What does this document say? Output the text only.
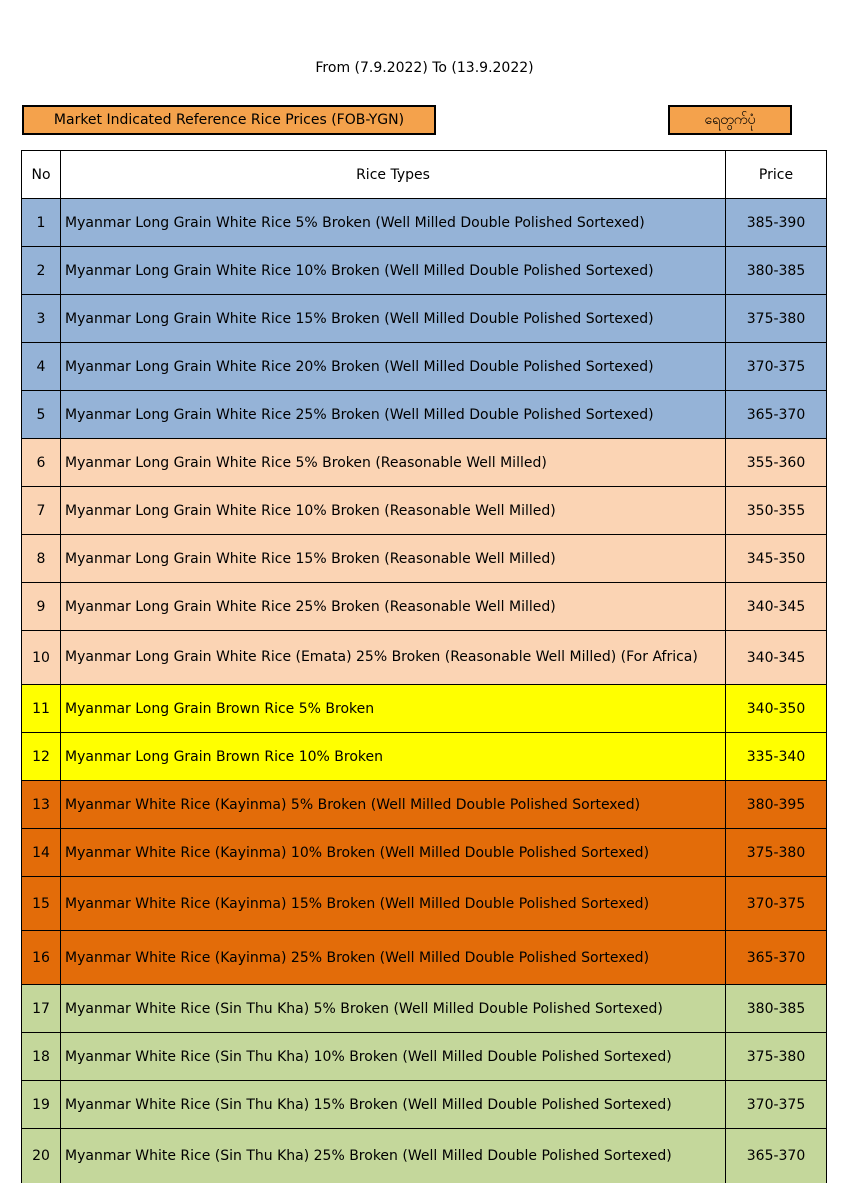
From (7.9.2022) To (13.9.2022)
Market Indicated Reference Rice Prices (FOB-YGN)	ရေတွက်ပုံ
No	Rice Types	Price
1	Myanmar Long Grain White Rice 5% Broken (Well Milled Double Polished Sortexed)	385-390
2	Myanmar Long Grain White Rice 10% Broken (Well Milled Double Polished Sortexed)	380-385
3	Myanmar Long Grain White Rice 15% Broken (Well Milled Double Polished Sortexed)	375-380
4	Myanmar Long Grain White Rice 20% Broken (Well Milled Double Polished Sortexed)	370-375
5	Myanmar Long Grain White Rice 25% Broken (Well Milled Double Polished Sortexed)	365-370
6	Myanmar Long Grain White Rice 5% Broken (Reasonable Well Milled)	355-360
7	Myanmar Long Grain White Rice 10% Broken (Reasonable Well Milled)	350-355
8	Myanmar Long Grain White Rice 15% Broken (Reasonable Well Milled)	345-350
9	Myanmar Long Grain White Rice 25% Broken (Reasonable Well Milled)	340-345
10	Myanmar Long Grain White Rice (Emata) 25% Broken (Reasonable Well Milled) (For Africa)	340-345
11	Myanmar Long Grain Brown Rice 5% Broken	340-350
12	Myanmar Long Grain Brown Rice 10% Broken	335-340
13	Myanmar White Rice (Kayinma) 5% Broken (Well Milled Double Polished Sortexed)	380-395
14	Myanmar White Rice (Kayinma) 10% Broken (Well Milled Double Polished Sortexed)	375-380
15	Myanmar White Rice (Kayinma) 15% Broken (Well Milled Double Polished Sortexed)	370-375
16	Myanmar White Rice (Kayinma) 25% Broken (Well Milled Double Polished Sortexed)	365-370
17	Myanmar White Rice (Sin Thu Kha) 5% Broken (Well Milled Double Polished Sortexed)	380-385
18	Myanmar White Rice (Sin Thu Kha) 10% Broken (Well Milled Double Polished Sortexed)	375-380
19	Myanmar White Rice (Sin Thu Kha) 15% Broken (Well Milled Double Polished Sortexed)	370-375
20	Myanmar White Rice (Sin Thu Kha) 25% Broken (Well Milled Double Polished Sortexed)	365-370
